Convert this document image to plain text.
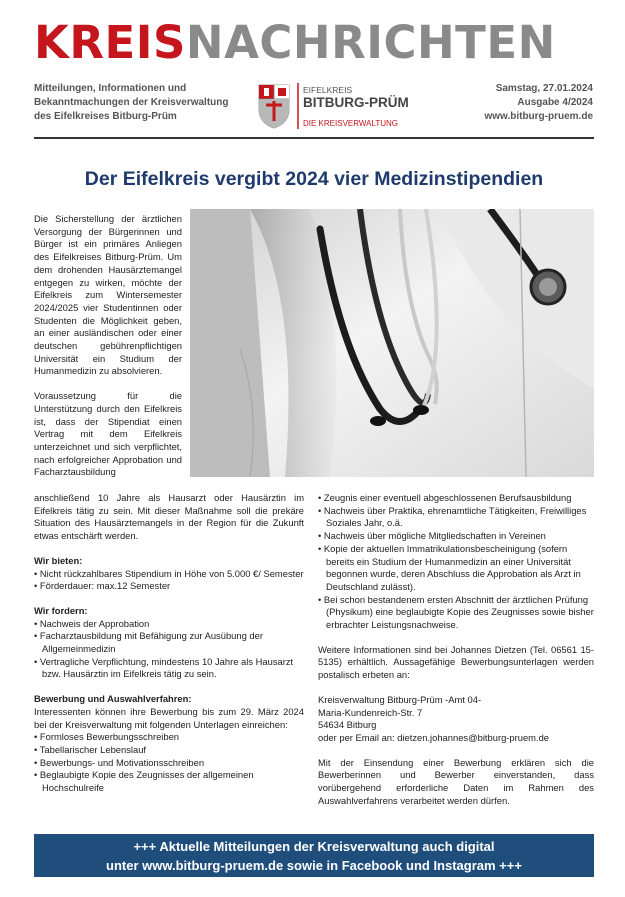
KREISNACHRICHTEN
Mitteilungen, Informationen und
Bekanntmachungen der Kreisverwaltung
des Eifelkreises Bitburg-Prüm
EIFELKREIS
BITBURG-PRÜM
DIE KREISVERWALTUNG
Samstag, 27.01.2024
Ausgabe 4/2024
www.bitburg-pruem.de
Der Eifelkreis vergibt 2024 vier Medizinstipendien
Die Sicherstellung der ärztlichen Versorgung der Bürgerinnen und Bürger ist ein primäres Anliegen des Eifelkreises Bitburg-Prüm. Um dem drohenden Hausärztemangel entgegen zu wirken, möchte der Eifelkreis zum Wintersemester 2024/2025 vier Studentinnen oder Studenten die Möglichkeit geben, an einer ausländischen oder einer deutschen gebührenpflichtigen Universität ein Studium der Humanmedizin zu absolvieren.
Voraussetzung für die Unterstützung durch den Eifelkreis ist, dass der Stipendiat einen Vertrag mit dem Eifelkreis unterzeichnet und sich verpflichtet, nach erfolgreicher Approbation und Facharztausbildung
anschließend 10 Jahre als Hausarzt oder Hausärztin im Eifelkreis tätig zu sein. Mit dieser Maßnahme soll die prekäre Situation des Hausärztemangels in der Region für die Zukunft etwas entschärft werden.
Wir bieten:
• Nicht rückzahlbares Stipendium in Höhe von 5.000 €/ Semester
• Förderdauer: max.12 Semester
Wir fordern:
• Nachweis der Approbation
• Facharztausbildung mit Befähigung zur Ausübung der Allgemeinmedizin
• Vertragliche Verpflichtung, mindestens 10 Jahre als Hausarzt bzw. Hausärztin im Eifelkreis tätig zu sein.
Bewerbung und Auswahlverfahren:
Interessenten können ihre Bewerbung bis zum 29. März 2024 bei der Kreisverwaltung mit folgenden Unterlagen einreichen:
• Formloses Bewerbungsschreiben
• Tabellarischer Lebenslauf
• Bewerbungs- und Motivationsschreiben
• Beglaubigte Kopie des Zeugnisses der allgemeinen Hochschulreife
• Zeugnis einer eventuell abgeschlossenen Berufsausbildung
• Nachweis über Praktika, ehrenamtliche Tätigkeiten, Freiwilliges Soziales Jahr, o.ä.
• Nachweis über mögliche Mitgliedschaften in Vereinen
• Kopie der aktuellen Immatrikulationsbescheinigung (sofern bereits ein Studium der Humanmedizin an einer Universität begonnen wurde, deren Abschluss die Approbation als Arzt in Deutschland zulässt).
• Bei schon bestandenem ersten Abschnitt der ärztlichen Prüfung (Physikum) eine beglaubigte Kopie des Zeugnisses sowie bisher erbrachter Leistungsnachweise.
Weitere Informationen sind bei Johannes Dietzen (Tel. 06561 15-5135) erhältlich. Aussagefähige Bewerbungsunterlagen werden postalisch erbeten an:
Kreisverwaltung Bitburg-Prüm -Amt 04-
Maria-Kundenreich-Str. 7
54634 Bitburg
oder per Email an: dietzen.johannes@bitburg-pruem.de
Mit der Einsendung einer Bewerbung erklären sich die Bewerberinnen und Bewerber einverstanden, dass vorübergehend erforderliche Daten im Rahmen des Auswahlverfahrens verarbeitet werden dürfen.
+++ Aktuelle Mitteilungen der Kreisverwaltung auch digital
unter www.bitburg-pruem.de sowie in Facebook und Instagram +++
